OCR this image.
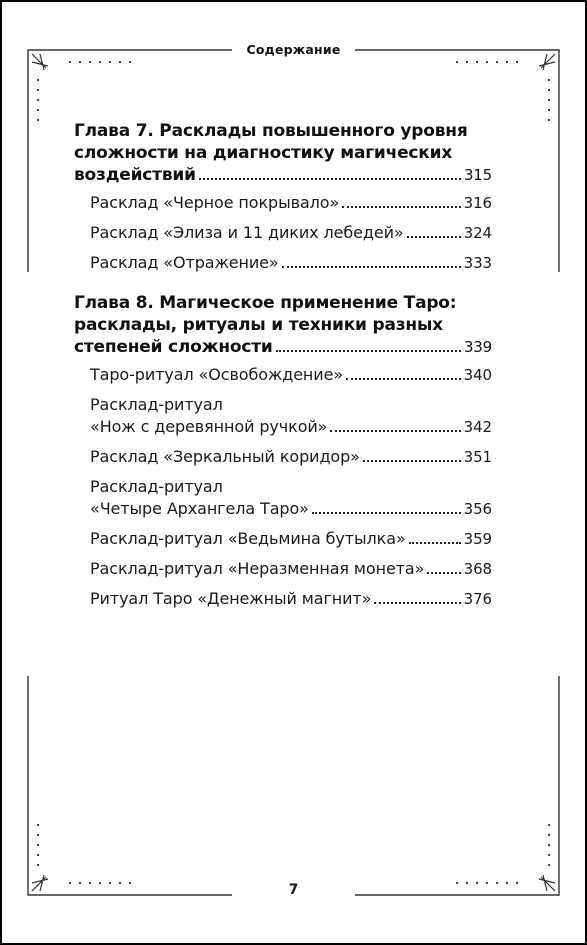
Содержание
Глава 7. Расклады повышенного уровня
сложности на диагностику магических
воздействий	315
Расклад «Черное покрывало»	316
Расклад «Элиза и 11 диких лебедей»	324
Расклад «Отражение»	333
Глава 8. Магическое применение Таро:
расклады, ритуалы и техники разных
степеней сложности	339
Таро-ритуал «Освобождение»	340
Расклад-ритуал
«Нож с деревянной ручкой»	342
Расклад «Зеркальный коридор»	351
Расклад-ритуал
«Четыре Архангела Таро»	356
Расклад-ритуал «Ведьмина бутылка»	359
Расклад-ритуал «Неразменная монета»	368
Ритуал Таро «Денежный магнит»	376
7
